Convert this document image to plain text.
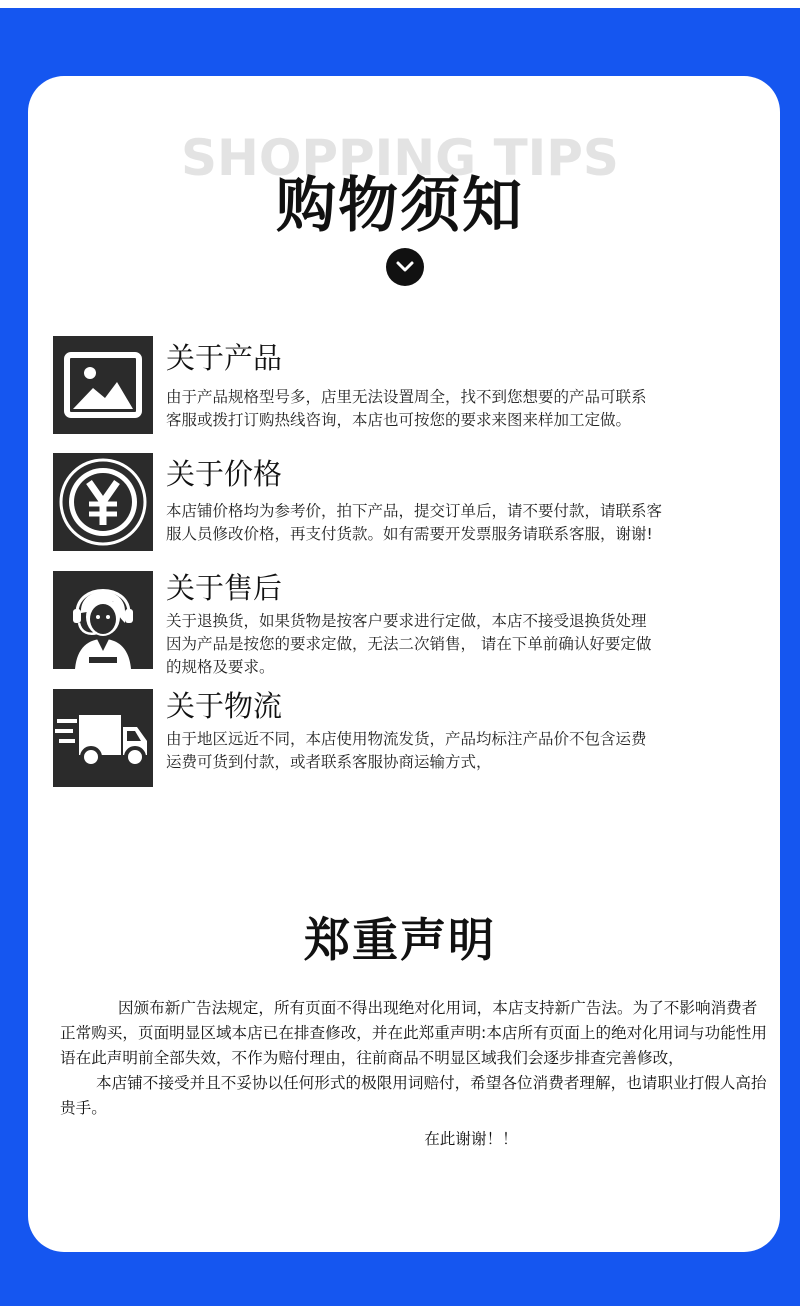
SHOPPING TIPS
购物须知
关于产品
由于产品规格型号多，店里无法设置周全，找不到您想要的产品可联系
客服或拨打订购热线咨询，本店也可按您的要求来图来样加工定做。
关于价格
本店铺价格均为参考价，拍下产品，提交订单后，请不要付款，请联系客
服人员修改价格，再支付货款。如有需要开发票服务请联系客服，谢谢!
关于售后
关于退换货，如果货物是按客户要求进行定做，本店不接受退换货处理
因为产品是按您的要求定做，无法二次销售， 请在下单前确认好要定做
的规格及要求。
关于物流
由于地区远近不同，本店使用物流发货，产品均标注产品价不包含运费
运费可货到付款，或者联系客服协商运输方式，
郑重声明

因颁布新广告法规定，所有页面不得出现绝对化用词，本店支持新广告法。为了不影响消费者正常购买，页面明显区域本店已在排查修改，并在此郑重声明:本店所有页面上的绝对化用词与功能性用语在此声明前全部失效，不作为赔付理由，往前商品不明显区域我们会逐步排查完善修改，

本店铺不接受并且不妥协以任何形式的极限用词赔付，希望各位消费者理解，也请职业打假人高抬贵手。

在此谢谢！！
